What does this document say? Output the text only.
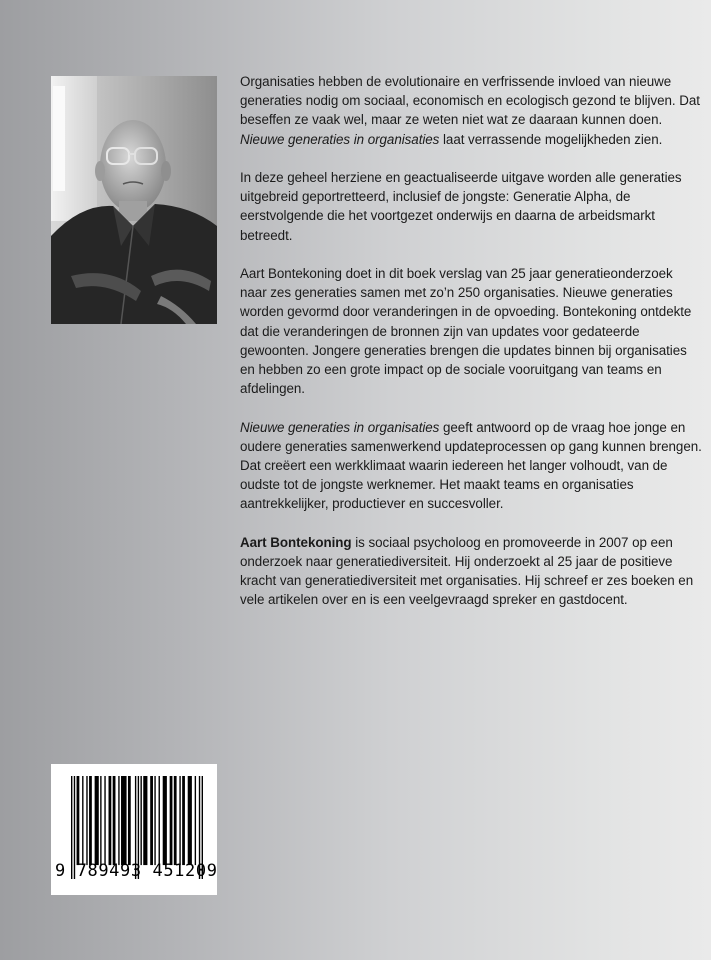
Organisaties hebben de evolutionaire en verfrissende invloed van nieuwe generaties nodig om sociaal, economisch en ecologisch gezond te blijven. Dat beseffen ze vaak wel, maar ze weten niet wat ze daaraan kunnen doen. Nieuwe generaties in organisaties laat verrassende mogelijkheden zien.

In deze geheel herziene en geactualiseerde uitgave worden alle generaties uitgebreid geportretteerd, inclusief de jongste: Generatie Alpha, de eerstvolgende die het voortgezet onderwijs en daarna de arbeidsmarkt betreedt.

Aart Bontekoning doet in dit boek verslag van 25 jaar generatieonderzoek naar zes generaties samen met zo’n 250 organisaties. Nieuwe generaties worden gevormd door veranderingen in de opvoeding. Bontekoning ontdekte dat die veranderingen de bronnen zijn van updates voor gedateerde gewoonten. Jongere generaties brengen die updates binnen bij organisaties en hebben zo een grote impact op de sociale vooruitgang van teams en afdelingen.

Nieuwe generaties in organisaties geeft antwoord op de vraag hoe jonge en oudere generaties samenwerkend updateprocessen op gang kunnen brengen. Dat creëert een werkklimaat waarin iedereen het langer volhoudt, van de oudste tot de jongste werknemer. Het maakt teams en organisaties aantrekkelijker, productiever en succesvoller.

Aart Bontekoning is sociaal psycholoog en promoveerde in 2007 op een onderzoek naar generatiediversiteit. Hij onderzoekt al 25 jaar de positieve kracht van generatiediversiteit met organisaties. Hij schreef er zes boeken en vele artikelen over en is een veelgevraagd spreker en gastdocent.

9 789493 451209
